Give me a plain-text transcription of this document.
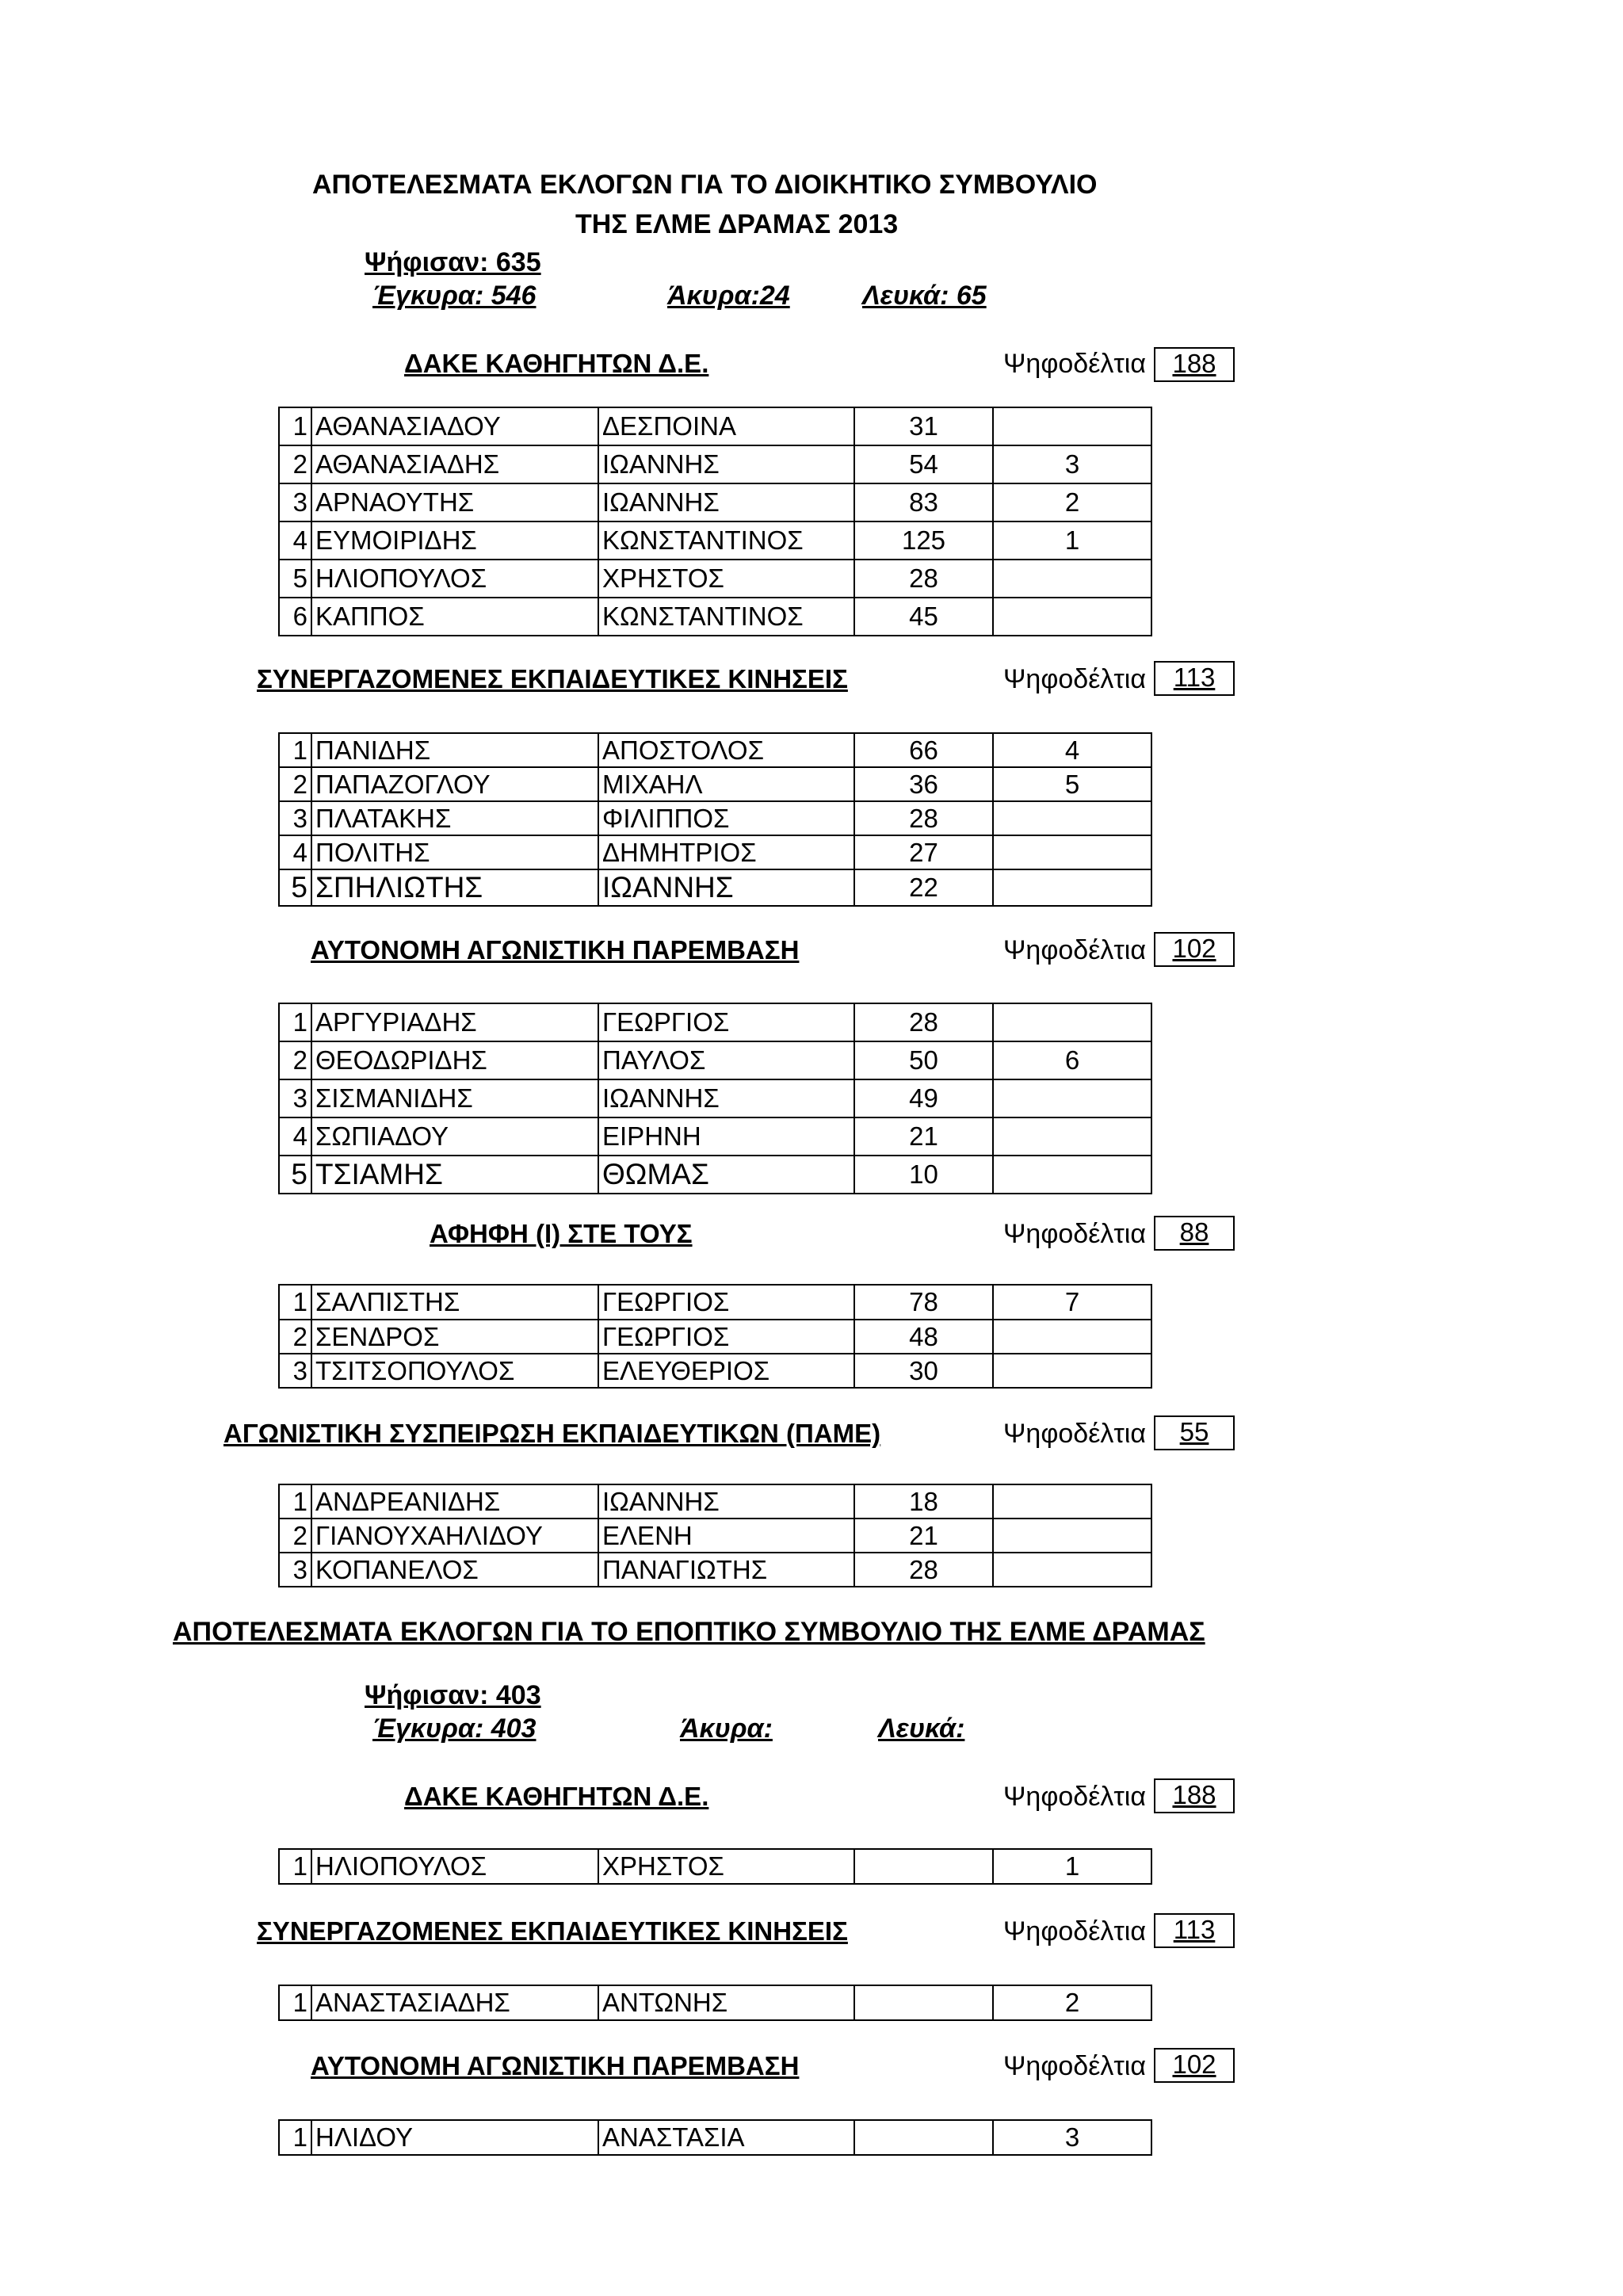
ΑΠΟΤΕΛΕΣΜΑΤΑ ΕΚΛΟΓΩΝ ΓΙΑ ΤΟ ΔΙΟΙΚΗΤΙΚΟ ΣΥΜΒΟΥΛΙΟ
ΤΗΣ ΕΛΜΕ ΔΡΑΜΑΣ 2013
Ψήφισαν: 635
Έγκυρα: 546	Άκυρα:24	Λευκά: 65
ΔΑΚΕ ΚΑΘΗΓΗΤΩΝ Δ.Ε.	Ψηφοδέλτια	188
1	ΑΘΑΝΑΣΙΑΔΟΥ	ΔΕΣΠΟΙΝΑ	31	
2	ΑΘΑΝΑΣΙΑΔΗΣ	ΙΩΑΝΝΗΣ	54	3
3	ΑΡΝΑΟΥΤΗΣ	ΙΩΑΝΝΗΣ	83	2
4	ΕΥΜΟΙΡΙΔΗΣ	ΚΩΝΣΤΑΝΤΙΝΟΣ	125	1
5	ΗΛΙΟΠΟΥΛΟΣ	ΧΡΗΣΤΟΣ	28	
6	ΚΑΠΠΟΣ	ΚΩΝΣΤΑΝΤΙΝΟΣ	45	
ΣΥΝΕΡΓΑΖΟΜΕΝΕΣ ΕΚΠΑΙΔΕΥΤΙΚΕΣ ΚΙΝΗΣΕΙΣ	Ψηφοδέλτια	113
1	ΠΑΝΙΔΗΣ	ΑΠΟΣΤΟΛΟΣ	66	4
2	ΠΑΠΑΖΟΓΛΟΥ	ΜΙΧΑΗΛ	36	5
3	ΠΛΑΤΑΚΗΣ	ΦΙΛΙΠΠΟΣ	28	
4	ΠΟΛΙΤΗΣ	ΔΗΜΗΤΡΙΟΣ	27	
5	ΣΠΗΛΙΩΤΗΣ	ΙΩΑΝΝΗΣ	22	
ΑΥΤΟΝΟΜΗ ΑΓΩΝΙΣΤΙΚΗ ΠΑΡΕΜΒΑΣΗ	Ψηφοδέλτια	102
1	ΑΡΓΥΡΙΑΔΗΣ	ΓΕΩΡΓΙΟΣ	28	
2	ΘΕΟΔΩΡΙΔΗΣ	ΠΑΥΛΟΣ	50	6
3	ΣΙΣΜΑΝΙΔΗΣ	ΙΩΑΝΝΗΣ	49	
4	ΣΩΠΙΑΔΟΥ	ΕΙΡΗΝΗ	21	
5	ΤΣΙΑΜΗΣ	ΘΩΜΑΣ	10	
ΑΦΗΦΗ (Ι) ΣΤΕ ΤΟΥΣ	Ψηφοδέλτια	88
1	ΣΑΛΠΙΣΤΗΣ	ΓΕΩΡΓΙΟΣ	78	7
2	ΣΕΝΔΡΟΣ	ΓΕΩΡΓΙΟΣ	48	
3	ΤΣΙΤΣΟΠΟΥΛΟΣ	ΕΛΕΥΘΕΡΙΟΣ	30	
ΑΓΩΝΙΣΤΙΚΗ ΣΥΣΠΕΙΡΩΣΗ ΕΚΠΑΙΔΕΥΤΙΚΩΝ (ΠΑΜΕ)	Ψηφοδέλτια	55
1	ΑΝΔΡΕΑΝΙΔΗΣ	ΙΩΑΝΝΗΣ	18	
2	ΓΙΑΝΟΥΧΑΗΛΙΔΟΥ	ΕΛΕΝΗ	21	
3	ΚΟΠΑΝΕΛΟΣ	ΠΑΝΑΓΙΩΤΗΣ	28	
ΑΠΟΤΕΛΕΣΜΑΤΑ ΕΚΛΟΓΩΝ ΓΙΑ ΤΟ ΕΠΟΠΤΙΚΟ ΣΥΜΒΟΥΛΙΟ ΤΗΣ ΕΛΜΕ ΔΡΑΜΑΣ
Ψήφισαν: 403
Έγκυρα: 403	Άκυρα:	Λευκά:
ΔΑΚΕ ΚΑΘΗΓΗΤΩΝ Δ.Ε.	Ψηφοδέλτια	188
1	ΗΛΙΟΠΟΥΛΟΣ	ΧΡΗΣΤΟΣ		1
ΣΥΝΕΡΓΑΖΟΜΕΝΕΣ ΕΚΠΑΙΔΕΥΤΙΚΕΣ ΚΙΝΗΣΕΙΣ	Ψηφοδέλτια	113
1	ΑΝΑΣΤΑΣΙΑΔΗΣ	ΑΝΤΩΝΗΣ		2
ΑΥΤΟΝΟΜΗ ΑΓΩΝΙΣΤΙΚΗ ΠΑΡΕΜΒΑΣΗ	Ψηφοδέλτια	102
1	ΗΛΙΔΟΥ	ΑΝΑΣΤΑΣΙΑ		3
